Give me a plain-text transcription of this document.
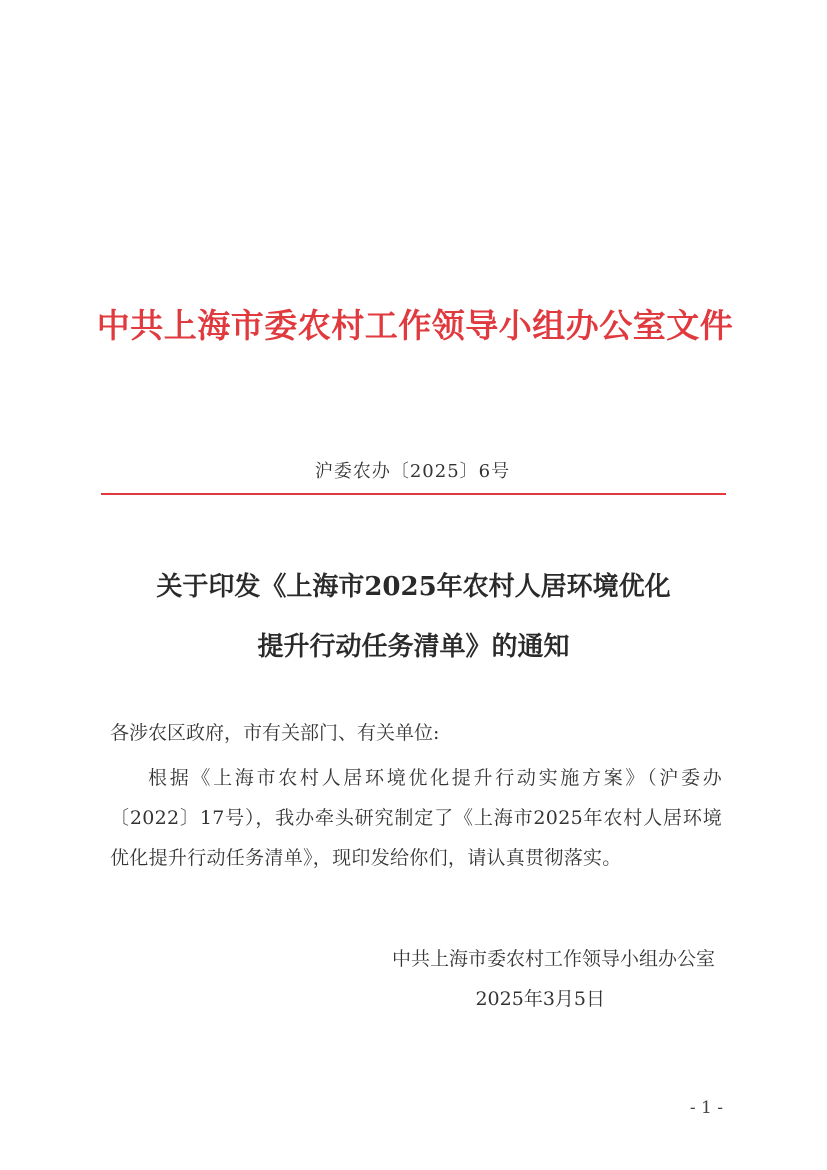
中共上海市委农村工作领导小组办公室文件
沪委农办〔2025〕6号
关于印发《上海市2025年农村人居环境优化
提升行动任务清单》的通知
各涉农区政府，市有关部门、有关单位:

根据《上海市农村人居环境优化提升行动实施方案》（沪委办〔2022〕17号），我办牵头研究制定了《上海市2025年农村人居环境优化提升行动任务清单》，现印发给你们，请认真贯彻落实。

中共上海市委农村工作领导小组办公室
2025年3月5日
- 1 -
